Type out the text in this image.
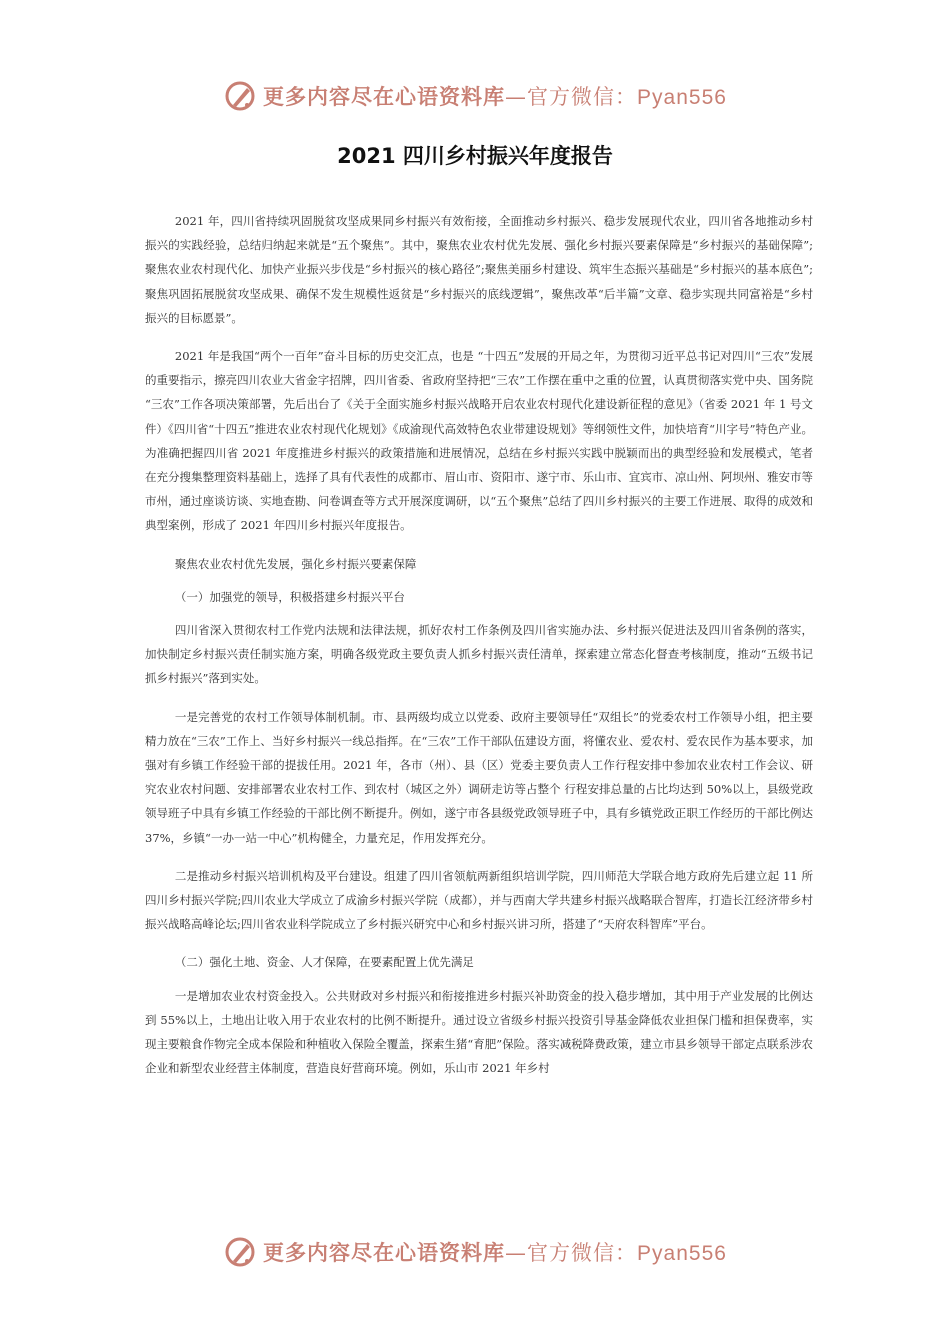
更多内容尽在心语资料库—官方微信：Pyan556
2021 四川乡村振兴年度报告

2021 年，四川省持续巩固脱贫攻坚成果同乡村振兴有效衔接，全面推动乡村振兴、稳步发展现代农业，四川省各地推动乡村振兴的实践经验，总结归纳起来就是“五个聚焦”。其中，聚焦农业农村优先发展、强化乡村振兴要素保障是“乡村振兴的基础保障”;聚焦农业农村现代化、加快产业振兴步伐是“乡村振兴的核心路径”;聚焦美丽乡村建设、筑牢生态振兴基础是“乡村振兴的基本底色”;聚焦巩固拓展脱贫攻坚成果、确保不发生规模性返贫是“乡村振兴的底线逻辑”，聚焦改革“后半篇”文章、稳步实现共同富裕是“乡村振兴的目标愿景”。

2021 年是我国“两个一百年”奋斗目标的历史交汇点，也是 “十四五”发展的开局之年，为贯彻习近平总书记对四川“三农”发展的重要指示，擦亮四川农业大省金字招牌，四川省委、省政府坚持把“三农”工作摆在重中之重的位置，认真贯彻落实党中央、国务院 “三农”工作各项决策部署，先后出台了《关于全面实施乡村振兴战略开启农业农村现代化建设新征程的意见》（省委 2021 年 1 号文件）《四川省“十四五”推进农业农村现代化规划》《成渝现代高效特色农业带建设规划》等纲领性文件，加快培育“川字号”特色产业。为准确把握四川省 2021 年度推进乡村振兴的政策措施和进展情况，总结在乡村振兴实践中脱颖而出的典型经验和发展模式，笔者在充分搜集整理资料基础上，选择了具有代表性的成都市、眉山市、资阳市、遂宁市、乐山市、宜宾市、凉山州、阿坝州、雅安市等市州，通过座谈访谈、实地查勘、问卷调查等方式开展深度调研，以“五个聚焦”总结了四川乡村振兴的主要工作进展、取得的成效和典型案例，形成了 2021 年四川乡村振兴年度报告。

聚焦农业农村优先发展，强化乡村振兴要素保障

（一）加强党的领导，积极搭建乡村振兴平台

四川省深入贯彻农村工作党内法规和法律法规，抓好农村工作条例及四川省实施办法、乡村振兴促进法及四川省条例的落实，加快制定乡村振兴责任制实施方案，明确各级党政主要负责人抓乡村振兴责任清单，探索建立常态化督查考核制度，推动“五级书记抓乡村振兴”落到实处。

一是完善党的农村工作领导体制机制。市、县两级均成立以党委、政府主要领导任“双组长”的党委农村工作领导小组，把主要精力放在“三农”工作上、当好乡村振兴一线总指挥。在“三农”工作干部队伍建设方面，将懂农业、爱农村、爱农民作为基本要求，加强对有乡镇工作经验干部的提拔任用。2021 年，各市（州）、县（区）党委主要负责人工作行程安排中参加农业农村工作会议、研究农业农村问题、安排部署农业农村工作、到农村（城区之外）调研走访等占整个 行程安排总量的占比均达到 50%以上，县级党政领导班子中具有乡镇工作经验的干部比例不断提升。例如，遂宁市各县级党政领导班子中，具有乡镇党政正职工作经历的干部比例达 37%，乡镇“一办一站一中心”机构健全，力量充足，作用发挥充分。

二是推动乡村振兴培训机构及平台建设。组建了四川省领航两新组织培训学院，四川师范大学联合地方政府先后建立起 11 所四川乡村振兴学院;四川农业大学成立了成渝乡村振兴学院（成都），并与西南大学共建乡村振兴战略联合智库，打造长江经济带乡村振兴战略高峰论坛;四川省农业科学院成立了乡村振兴研究中心和乡村振兴讲习所，搭建了“天府农科智库”平台。

（二）强化土地、资金、人才保障，在要素配置上优先满足

一是增加农业农村资金投入。公共财政对乡村振兴和衔接推进乡村振兴补助资金的投入稳步增加，其中用于产业发展的比例达到 55%以上，土地出让收入用于农业农村的比例不断提升。通过设立省级乡村振兴投资引导基金降低农业担保门槛和担保费率，实现主要粮食作物完全成本保险和种植收入保险全覆盖，探索生猪“育肥”保险。落实减税降费政策，建立市县乡领导干部定点联系涉农企业和新型农业经营主体制度，营造良好营商环境。例如，乐山市 2021 年乡村

更多内容尽在心语资料库—官方微信：Pyan556
